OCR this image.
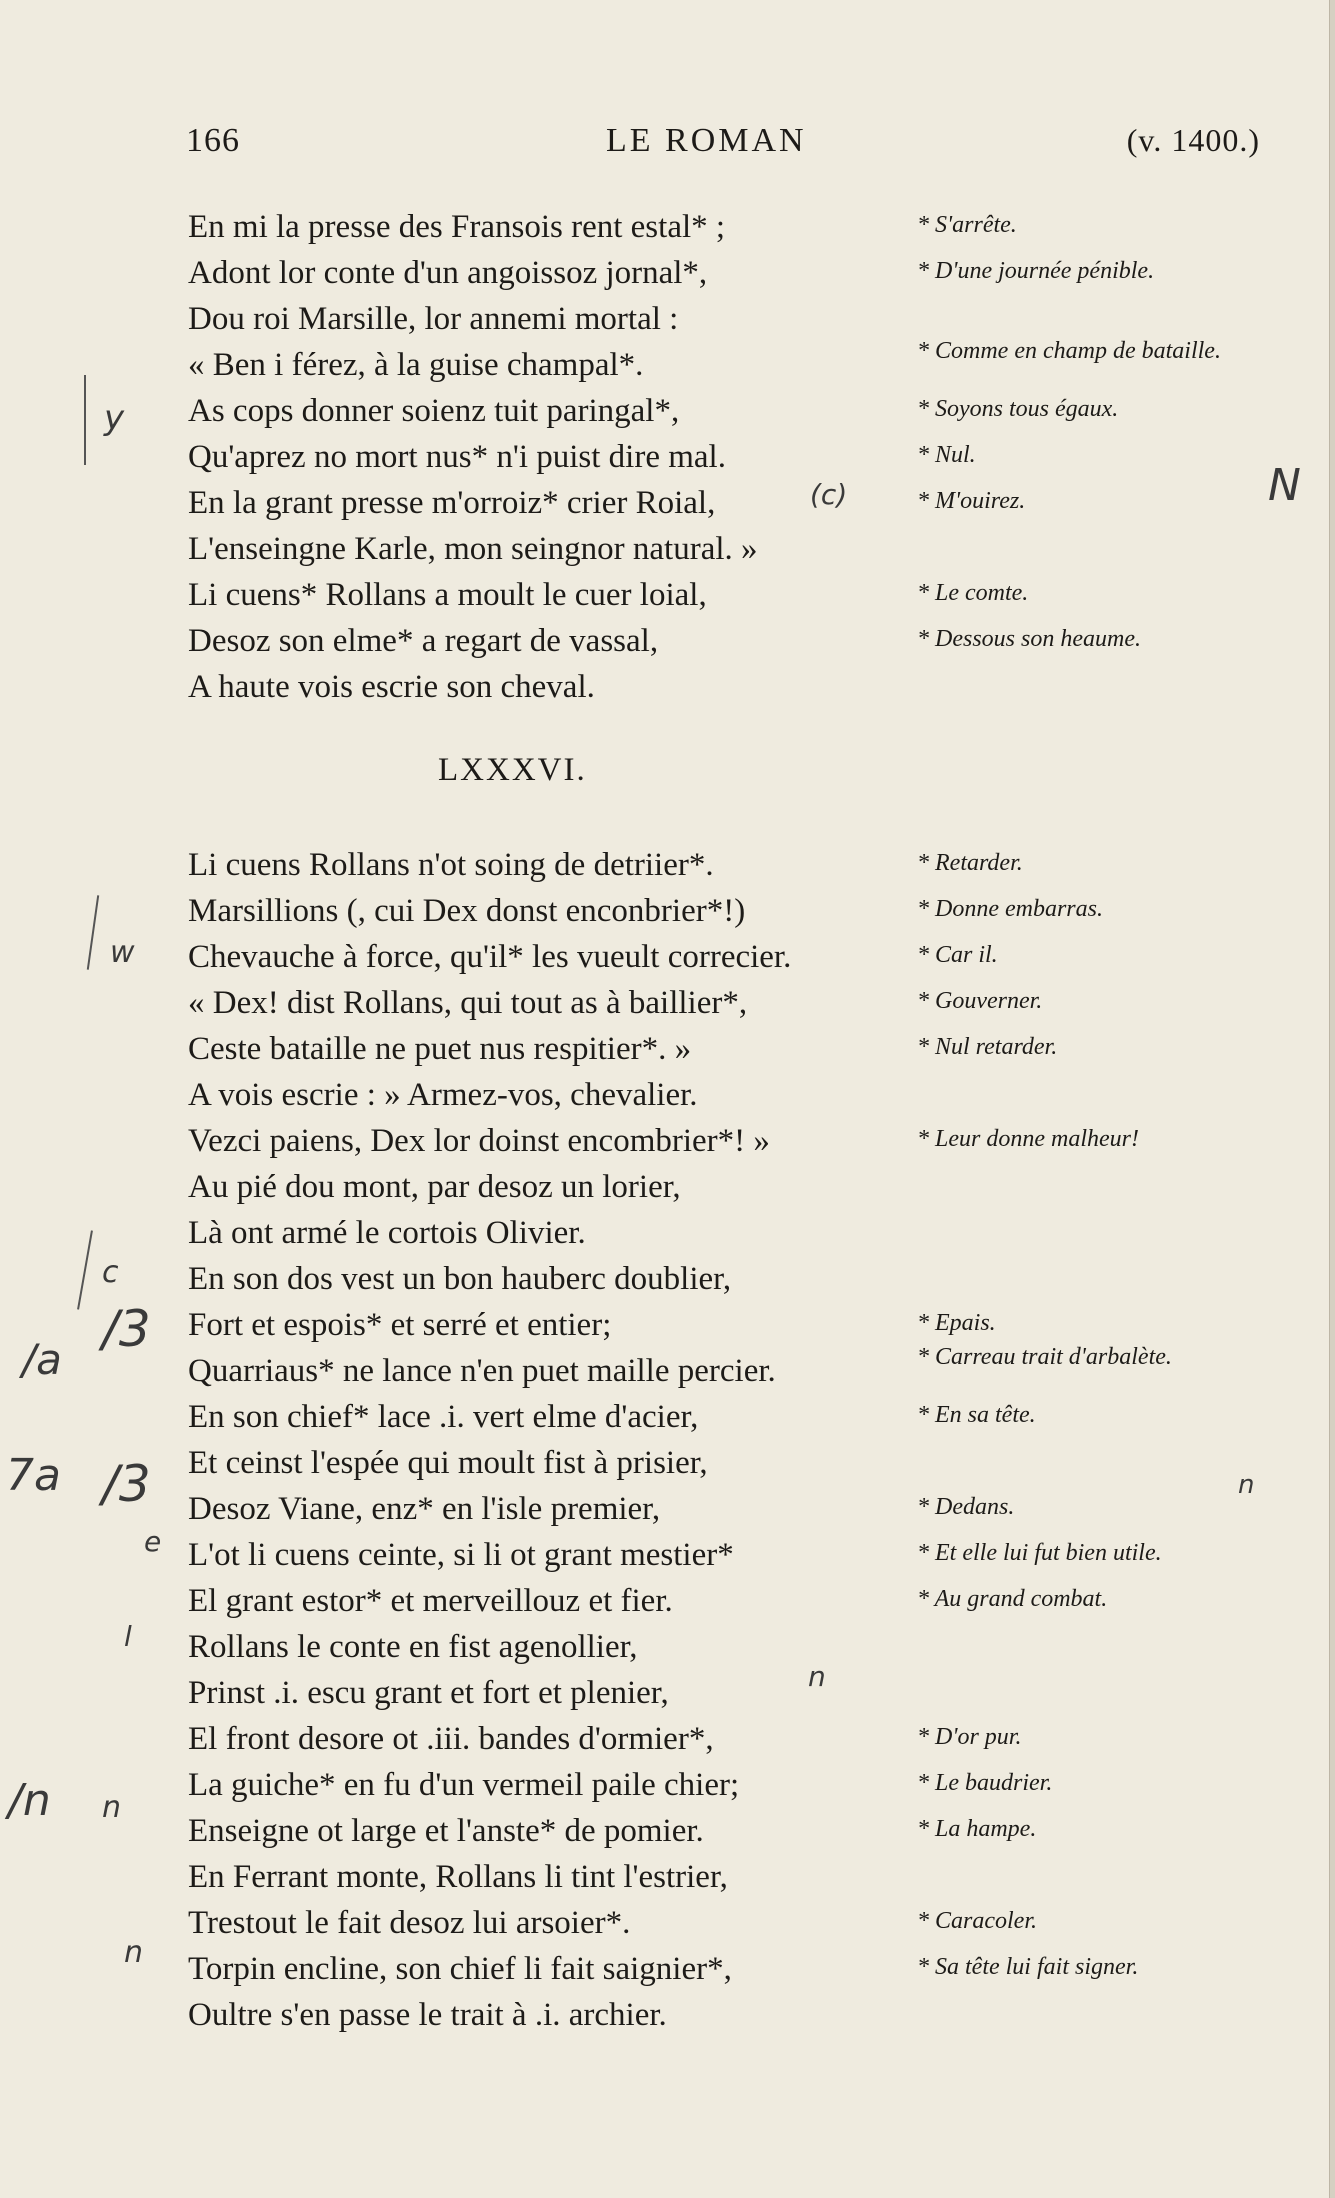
166	LE ROMAN	(v. 1400.)
En mi la presse des Fransois rent estal* ;	* S'arrête.
Adont lor conte d'un angoissoz jornal*,	* D'une journée pénible.
Dou roi Marsille, lor annemi mortal :
« Ben i férez, à la guise champal*.	* Comme en champ de bataille.
As cops donner soienz tuit paringal*,	* Soyons tous égaux.
Qu'aprez no mort nus* n'i puist dire mal.	* Nul.
En la grant presse m'orroiz* crier Roial,	* M'ouirez.
L'enseingne Karle, mon seingnor natural. »
Li cuens* Rollans a moult le cuer loial,	* Le comte.
Desoz son elme* a regart de vassal,	* Dessous son heaume.
A haute vois escrie son cheval.
LXXXVI.
Li cuens Rollans n'ot soing de detriier*.	* Retarder.
Marsillions (, cui Dex donst enconbrier*!)	* Donne embarras.
Chevauche à force, qu'il* les vueult correcier.	* Car il.
« Dex! dist Rollans, qui tout as à baillier*,	* Gouverner.
Ceste bataille ne puet nus respitier*. »	* Nul retarder.
A vois escrie : » Armez-vos, chevalier.
Vezci paiens, Dex lor doinst encombrier*! »	* Leur donne malheur!
Au pié dou mont, par desoz un lorier,
Là ont armé le cortois Olivier.
En son dos vest un bon hauberc doublier,
Fort et espois* et serré et entier;	* Epais.
Quarriaus* ne lance n'en puet maille percier.	* Carreau trait d'arbalète.
En son chief* lace .i. vert elme d'acier,	* En sa tête.
Et ceinst l'espée qui moult fist à prisier,
Desoz Viane, enz* en l'isle premier,	* Dedans.
L'ot li cuens ceinte, si li ot grant mestier*	* Et elle lui fut bien utile.
El grant estor* et merveillouz et fier.	* Au grand combat.
Rollans le conte en fist agenollier,
Prinst .i. escu grant et fort et plenier,
El front desore ot .iii. bandes d'ormier*,	* D'or pur.
La guiche* en fu d'un vermeil paile chier;	* Le baudrier.
Enseigne ot large et l'anste* de pomier.	* La hampe.
En Ferrant monte, Rollans li tint l'estrier,
Trestout le fait desoz lui arsoier*.	* Caracoler.
Torpin encline, son chief li fait saignier*,	* Sa tête lui fait signer.
Oultre s'en passe le trait à .i. archier.
y
(c)	N
w
c
/a
/3
7a /3
e
l
n
/n n
n
n
